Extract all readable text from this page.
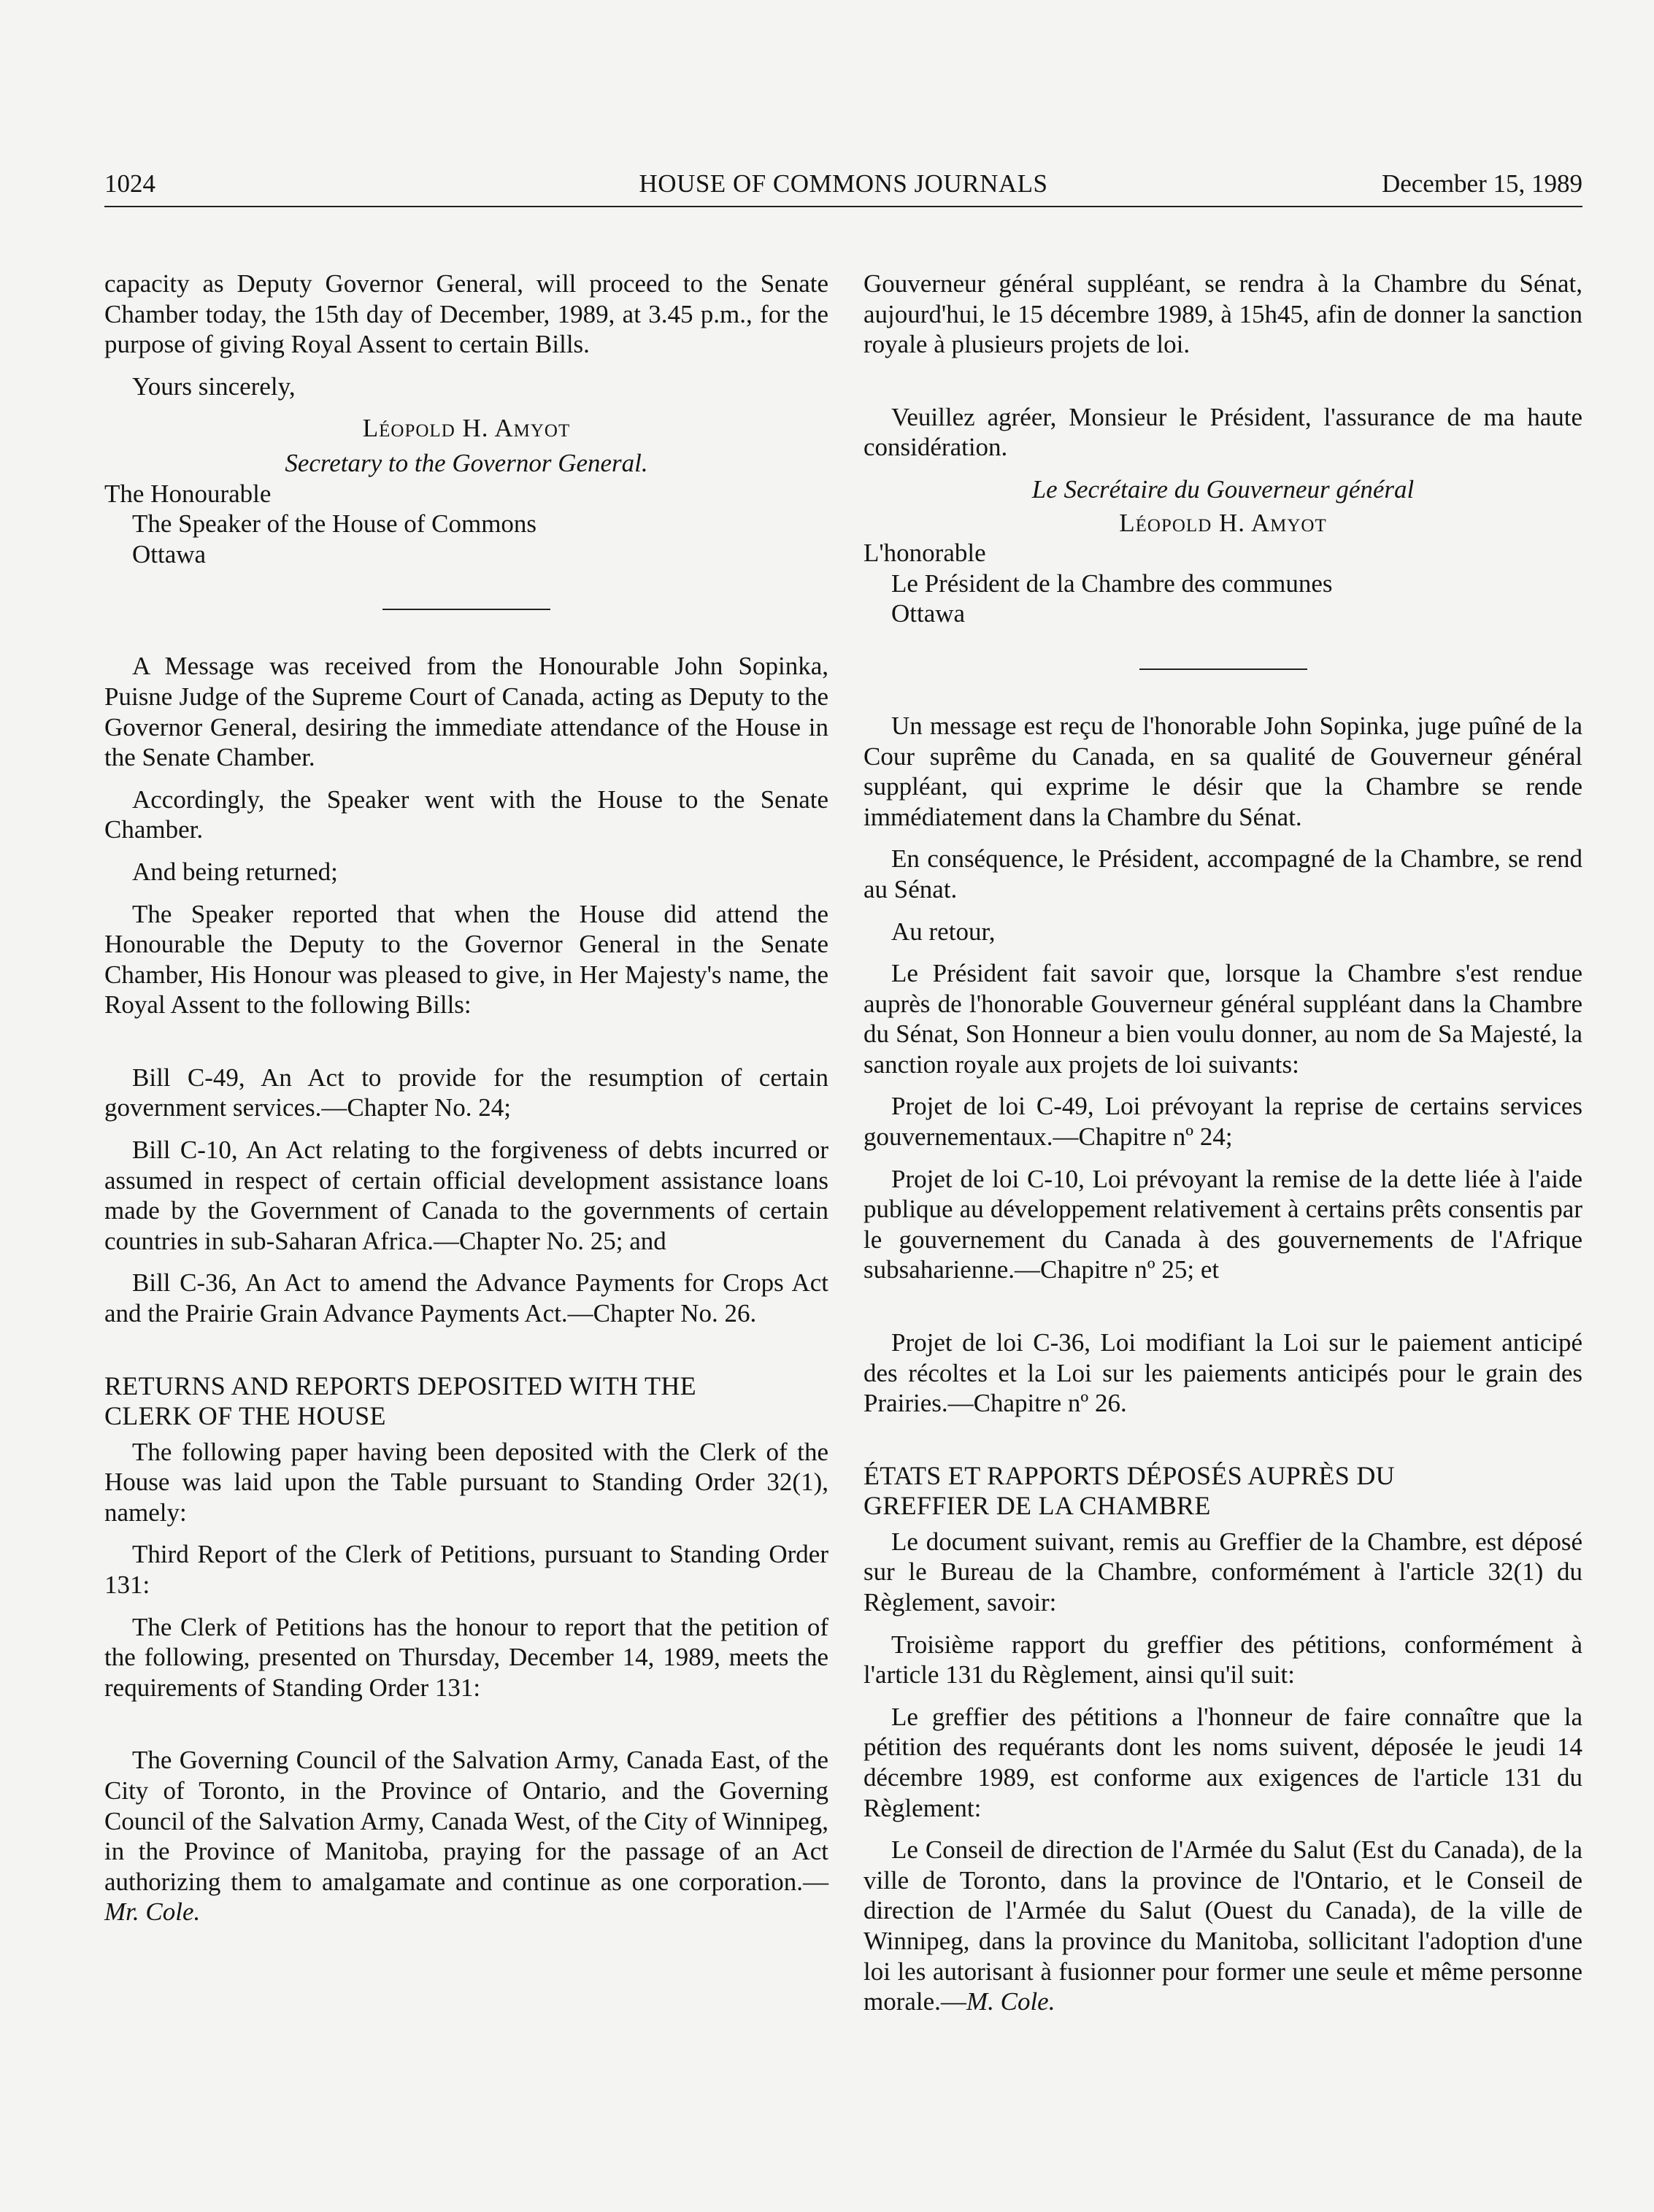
1024	HOUSE OF COMMONS JOURNALS	December 15, 1989

capacity as Deputy Governor General, will proceed to the Senate Chamber today, the 15th day of December, 1989, at 3.45 p.m., for the purpose of giving Royal Assent to certain Bills.

Yours sincerely,

Léopold H. Amyot

Secretary to the Governor General.

The Honourable

The Speaker of the House of Commons

Ottawa

A Message was received from the Honourable John Sopinka, Puisne Judge of the Supreme Court of Canada, acting as Deputy to the Governor General, desiring the immediate attendance of the House in the Senate Chamber.

Accordingly, the Speaker went with the House to the Senate Chamber.

And being returned;

The Speaker reported that when the House did attend the Honourable the Deputy to the Governor General in the Senate Chamber, His Honour was pleased to give, in Her Majesty's name, the Royal Assent to the following Bills:

Bill C-49, An Act to provide for the resumption of certain government services.—Chapter No. 24;

Bill C-10, An Act relating to the forgiveness of debts incurred or assumed in respect of certain official development assistance loans made by the Government of Canada to the governments of certain countries in sub-Saharan Africa.—Chapter No. 25; and

Bill C-36, An Act to amend the Advance Payments for Crops Act and the Prairie Grain Advance Payments Act.—Chapter No. 26.

RETURNS AND REPORTS DEPOSITED WITH THE

CLERK OF THE HOUSE

The following paper having been deposited with the Clerk of the House was laid upon the Table pursuant to Standing Order 32(1), namely:

Third Report of the Clerk of Petitions, pursuant to Standing Order 131:

The Clerk of Petitions has the honour to report that the petition of the following, presented on Thursday, December 14, 1989, meets the requirements of Standing Order 131:

The Governing Council of the Salvation Army, Canada East, of the City of Toronto, in the Province of Ontario, and the Governing Council of the Salvation Army, Canada West, of the City of Winnipeg, in the Province of Manitoba, praying for the passage of an Act authorizing them to amalgamate and continue as one corporation.—Mr. Cole.

Gouverneur général suppléant, se rendra à la Chambre du Sénat, aujourd'hui, le 15 décembre 1989, à 15h45, afin de donner la sanction royale à plusieurs projets de loi.

Veuillez agréer, Monsieur le Président, l'assurance de ma haute considération.

Le Secrétaire du Gouverneur général

Léopold H. Amyot

L'honorable

Le Président de la Chambre des communes

Ottawa

Un message est reçu de l'honorable John Sopinka, juge puîné de la Cour suprême du Canada, en sa qualité de Gouverneur général suppléant, qui exprime le désir que la Chambre se rende immédiatement dans la Chambre du Sénat.

En conséquence, le Président, accompagné de la Chambre, se rend au Sénat.

Au retour,

Le Président fait savoir que, lorsque la Chambre s'est rendue auprès de l'honorable Gouverneur général suppléant dans la Chambre du Sénat, Son Honneur a bien voulu donner, au nom de Sa Majesté, la sanction royale aux projets de loi suivants:

Projet de loi C-49, Loi prévoyant la reprise de certains services gouvernementaux.—Chapitre nº 24;

Projet de loi C-10, Loi prévoyant la remise de la dette liée à l'aide publique au développement relativement à certains prêts consentis par le gouvernement du Canada à des gouvernements de l'Afrique subsaharienne.—Chapitre nº 25; et

Projet de loi C-36, Loi modifiant la Loi sur le paiement anticipé des récoltes et la Loi sur les paiements anticipés pour le grain des Prairies.—Chapitre nº 26.

ÉTATS ET RAPPORTS DÉPOSÉS AUPRÈS DU

GREFFIER DE LA CHAMBRE

Le document suivant, remis au Greffier de la Chambre, est déposé sur le Bureau de la Chambre, conformément à l'article 32(1) du Règlement, savoir:

Troisième rapport du greffier des pétitions, conformément à l'article 131 du Règlement, ainsi qu'il suit:

Le greffier des pétitions a l'honneur de faire connaître que la pétition des requérants dont les noms suivent, déposée le jeudi 14 décembre 1989, est conforme aux exigences de l'article 131 du Règlement:

Le Conseil de direction de l'Armée du Salut (Est du Canada), de la ville de Toronto, dans la province de l'Ontario, et le Conseil de direction de l'Armée du Salut (Ouest du Canada), de la ville de Winnipeg, dans la province du Manitoba, sollicitant l'adoption d'une loi les autorisant à fusionner pour former une seule et même personne morale.—M. Cole.
